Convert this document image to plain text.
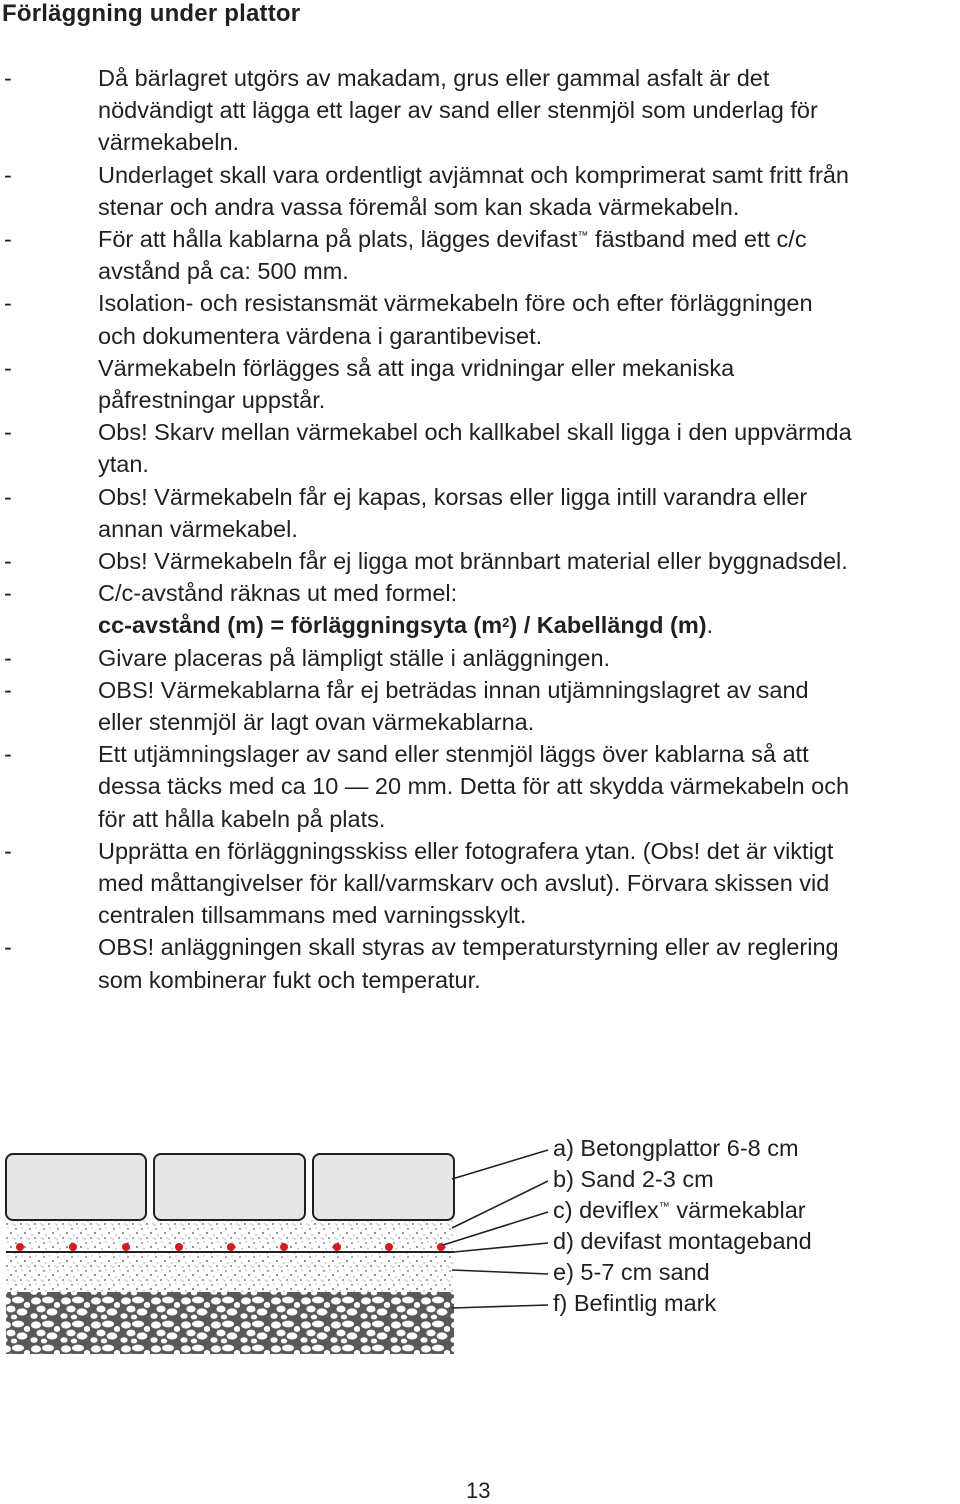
Förläggning under plattor
-	Då bärlagret utgörs av makadam, grus eller gammal asfalt är det
nödvändigt att lägga ett lager av sand eller stenmjöl som underlag för
värmekabeln.
-	Underlaget skall vara ordentligt avjämnat och komprimerat samt fritt från
stenar och andra vassa föremål som kan skada värmekabeln.
-	För att hålla kablarna på plats, lägges devifast™ fästband med ett c/c
avstånd på ca: 500 mm.
-	Isolation- och resistansmät värmekabeln före och efter förläggningen
och dokumentera värdena i garantibeviset.
-	Värmekabeln förlägges så att inga vridningar eller mekaniska
påfrestningar uppstår.
-	Obs! Skarv mellan värmekabel och kallkabel skall ligga i den uppvärmda
ytan.
-	Obs! Värmekabeln får ej kapas, korsas eller ligga intill varandra eller
annan värmekabel.
-	Obs! Värmekabeln får ej ligga mot brännbart material eller byggnadsdel.
-	C/c-avstånd räknas ut med formel:
cc-avstånd (m) = förläggningsyta $(m^2)$ / Kabellängd (m).
-	Givare placeras på lämpligt ställe i anläggningen.
-	OBS! Värmekablarna får ej beträdas innan utjämningslagret av sand
eller stenmjöl är lagt ovan värmekablarna.
-	Ett utjämningslager av sand eller stenmjöl läggs över kablarna så att
dessa täcks med ca 10 — 20 mm. Detta för att skydda värmekabeln och
för att hålla kabeln på plats.
-	Upprätta en förläggningsskiss eller fotografera ytan. (Obs! det är viktigt
med måttangivelser för kall/varmskarv och avslut). Förvara skissen vid
centralen tillsammans med varningsskylt.
-	OBS! anläggningen skall styras av temperaturstyrning eller av reglering
som kombinerar fukt och temperatur.
a) Betongplattor 6-8 cm
b) Sand 2-3 cm
c) deviflex™ värmekablar
d) devifast montageband
e) 5-7 cm sand
f) Befintlig mark
13
